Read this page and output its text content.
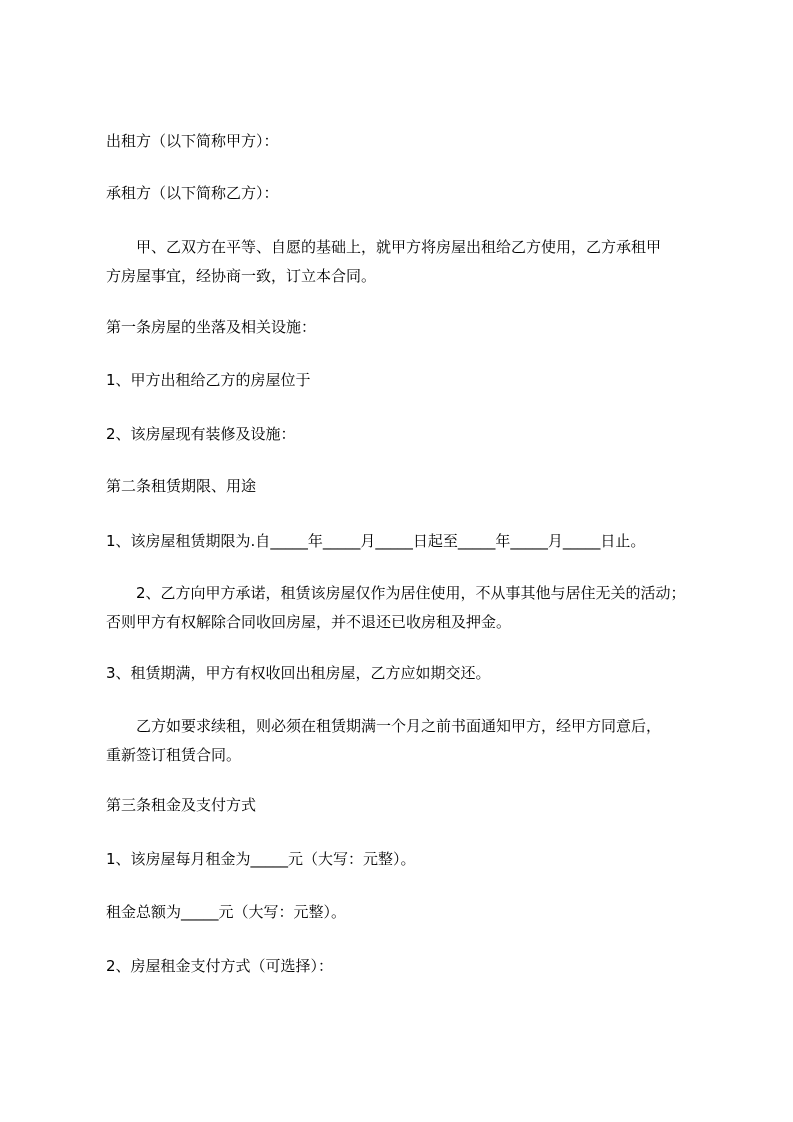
出租方（以下简称甲方）：
承租方（以下简称乙方）：
甲、乙双方在平等、自愿的基础上，就甲方将房屋出租给乙方使用，乙方承租甲
方房屋事宜，经协商一致，订立本合同。
第一条房屋的坐落及相关设施：
1、甲方出租给乙方的房屋位于
2、该房屋现有装修及设施：
第二条租赁期限、用途
1、该房屋租赁期限为.自_____年_____月_____日起至_____年_____月_____日止。
2、乙方向甲方承诺，租赁该房屋仅作为居住使用，不从事其他与居住无关的活动；
否则甲方有权解除合同收回房屋，并不退还已收房租及押金。
3、租赁期满，甲方有权收回出租房屋，乙方应如期交还。
乙方如要求续租，则必须在租赁期满一个月之前书面通知甲方，经甲方同意后，
重新签订租赁合同。
第三条租金及支付方式
1、该房屋每月租金为_____元（大写：元整）。
租金总额为_____元（大写：元整）。
2、房屋租金支付方式（可选择）：
